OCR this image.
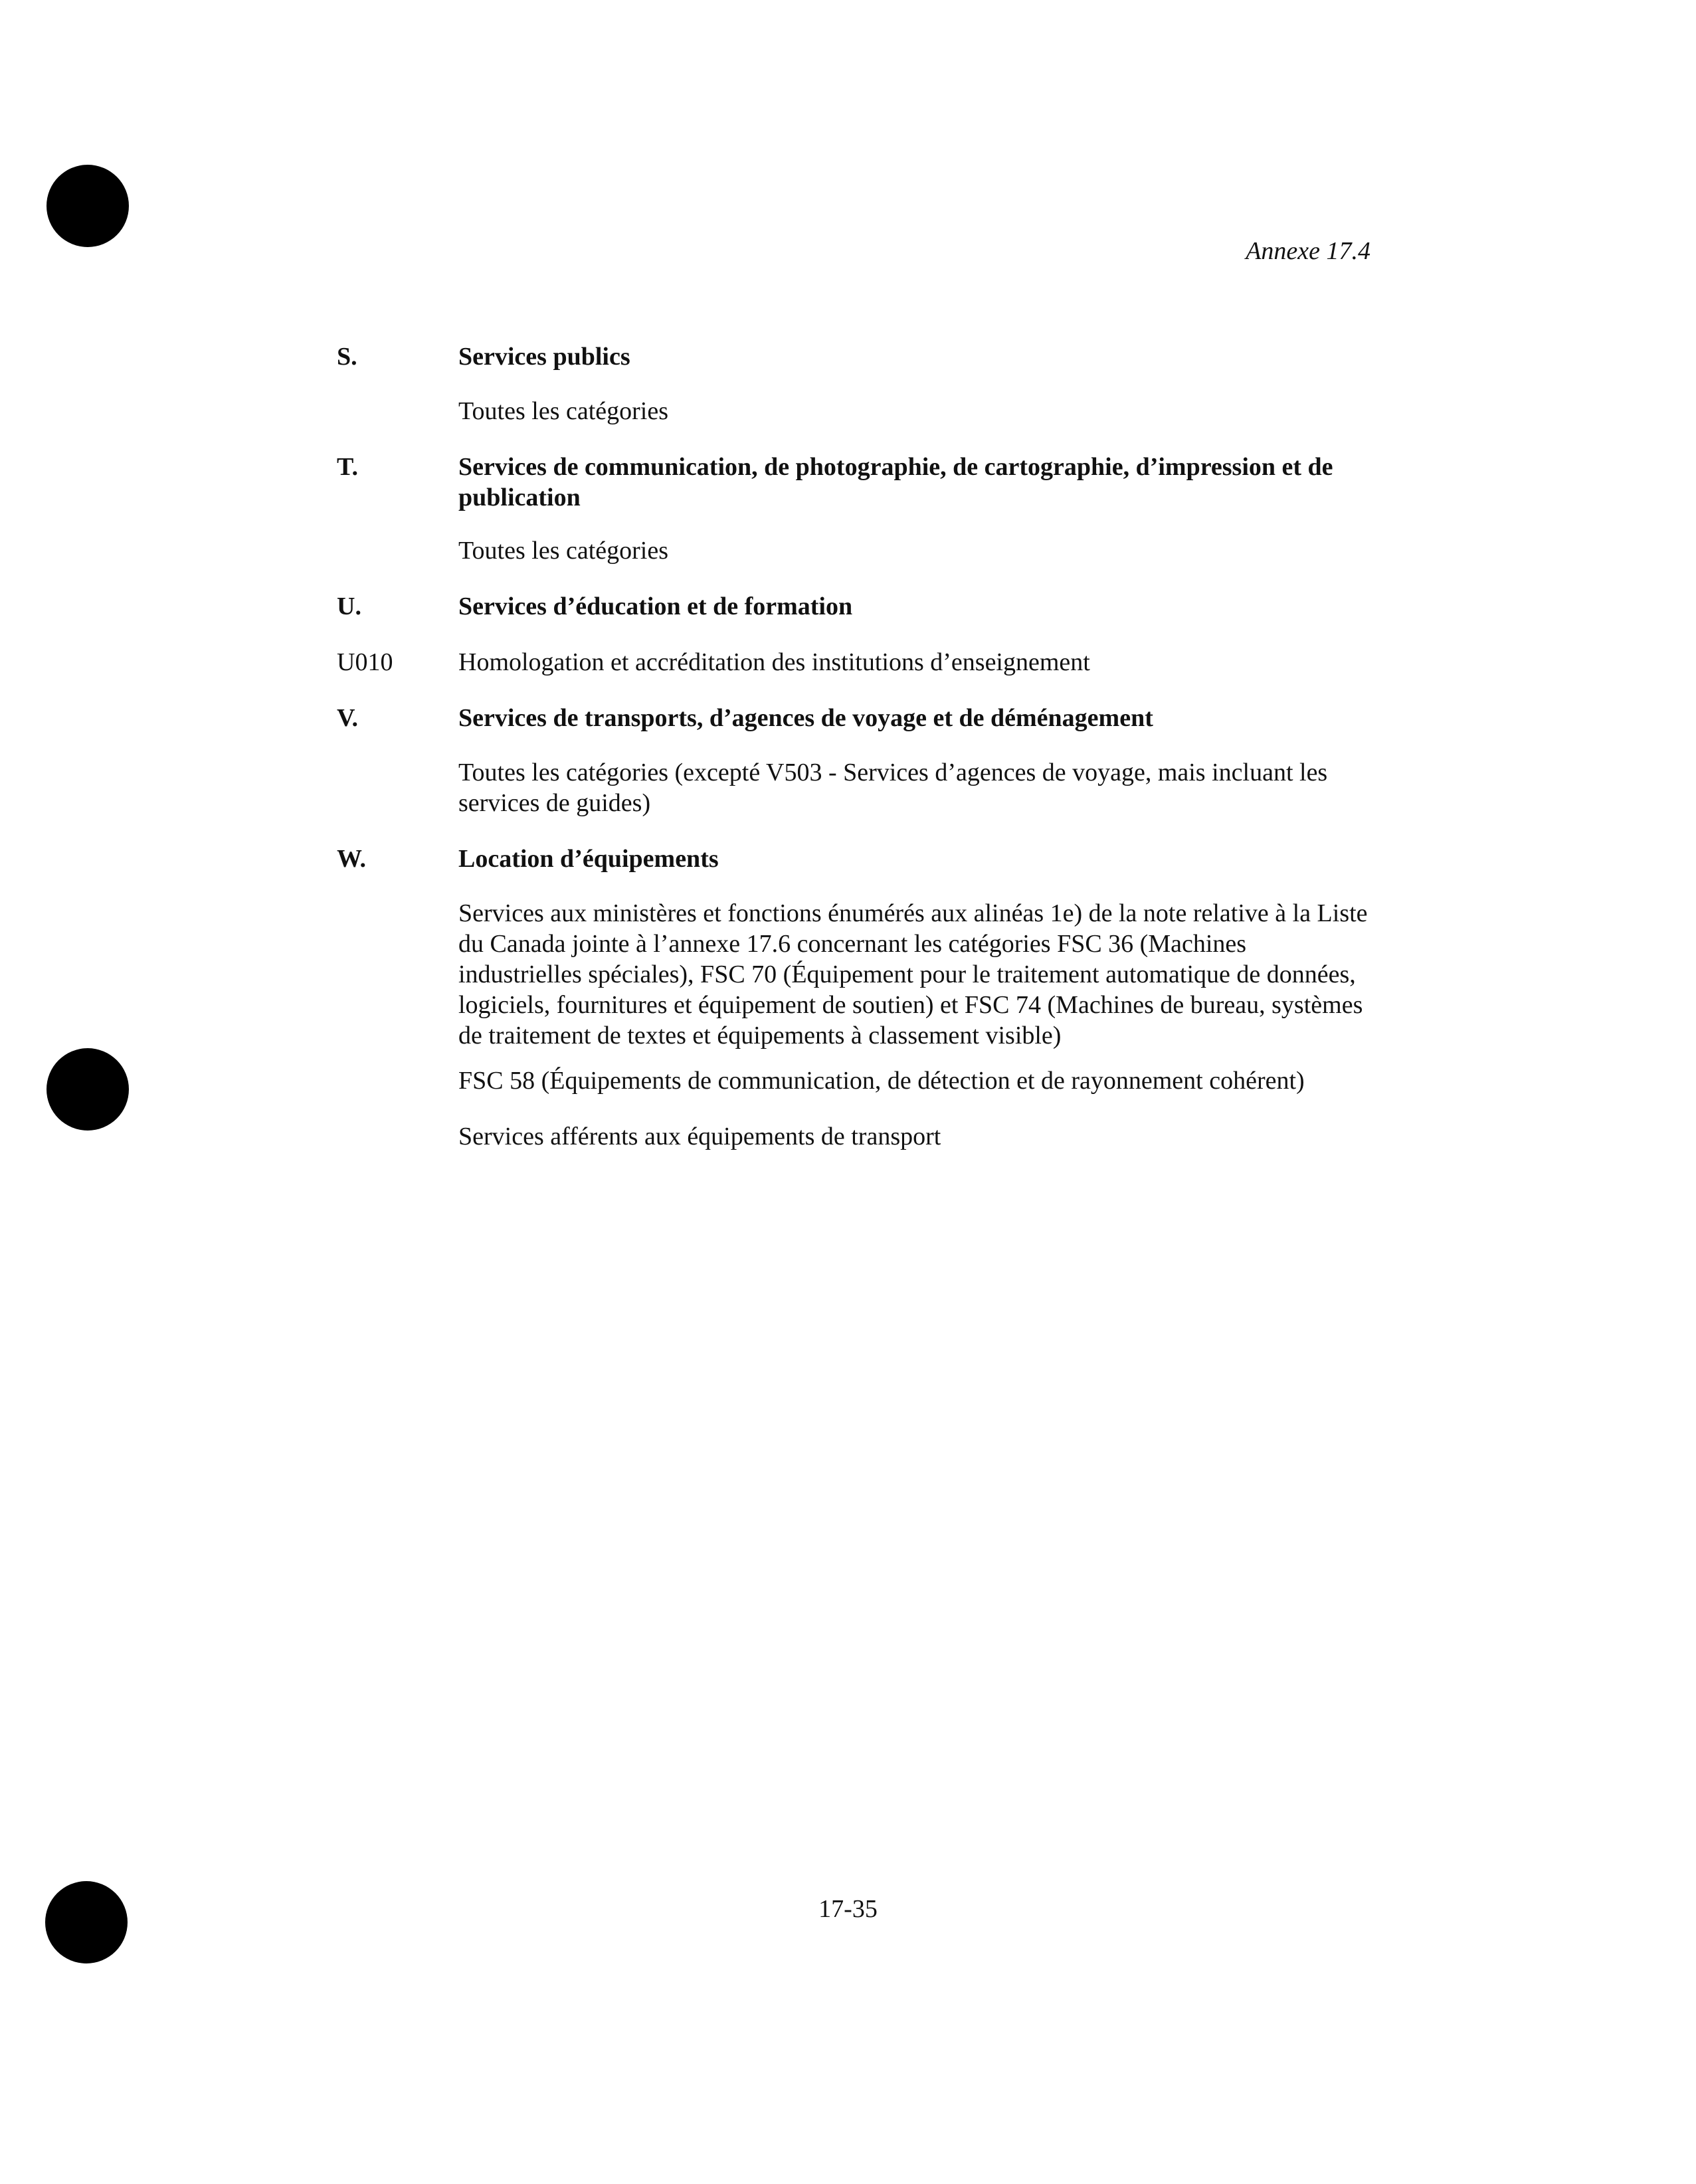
Annexe 17.4
S.	Services publics
Toutes les catégories
T.	Services de communication, de photographie, de cartographie, d’impression et de publication
Toutes les catégories
U.	Services d’éducation et de formation
U010	Homologation et accréditation des institutions d’enseignement
V.	Services de transports, d’agences de voyage et de déménagement
Toutes les catégories (excepté V503 - Services d’agences de voyage, mais incluant les services de guides)
W.	Location d’équipements
Services aux ministères et fonctions énumérés aux alinéas 1e) de la note relative à la Liste du Canada jointe à l’annexe 17.6 concernant les catégories FSC 36 (Machines industrielles spéciales), FSC 70 (Équipement pour le traitement automatique de données, logiciels, fournitures et équipement de soutien) et FSC 74 (Machines de bureau, systèmes de traitement de textes et équipements à classement visible)
FSC 58 (Équipements de communication, de détection et de rayonnement cohérent)
Services afférents aux équipements de transport
17-35
